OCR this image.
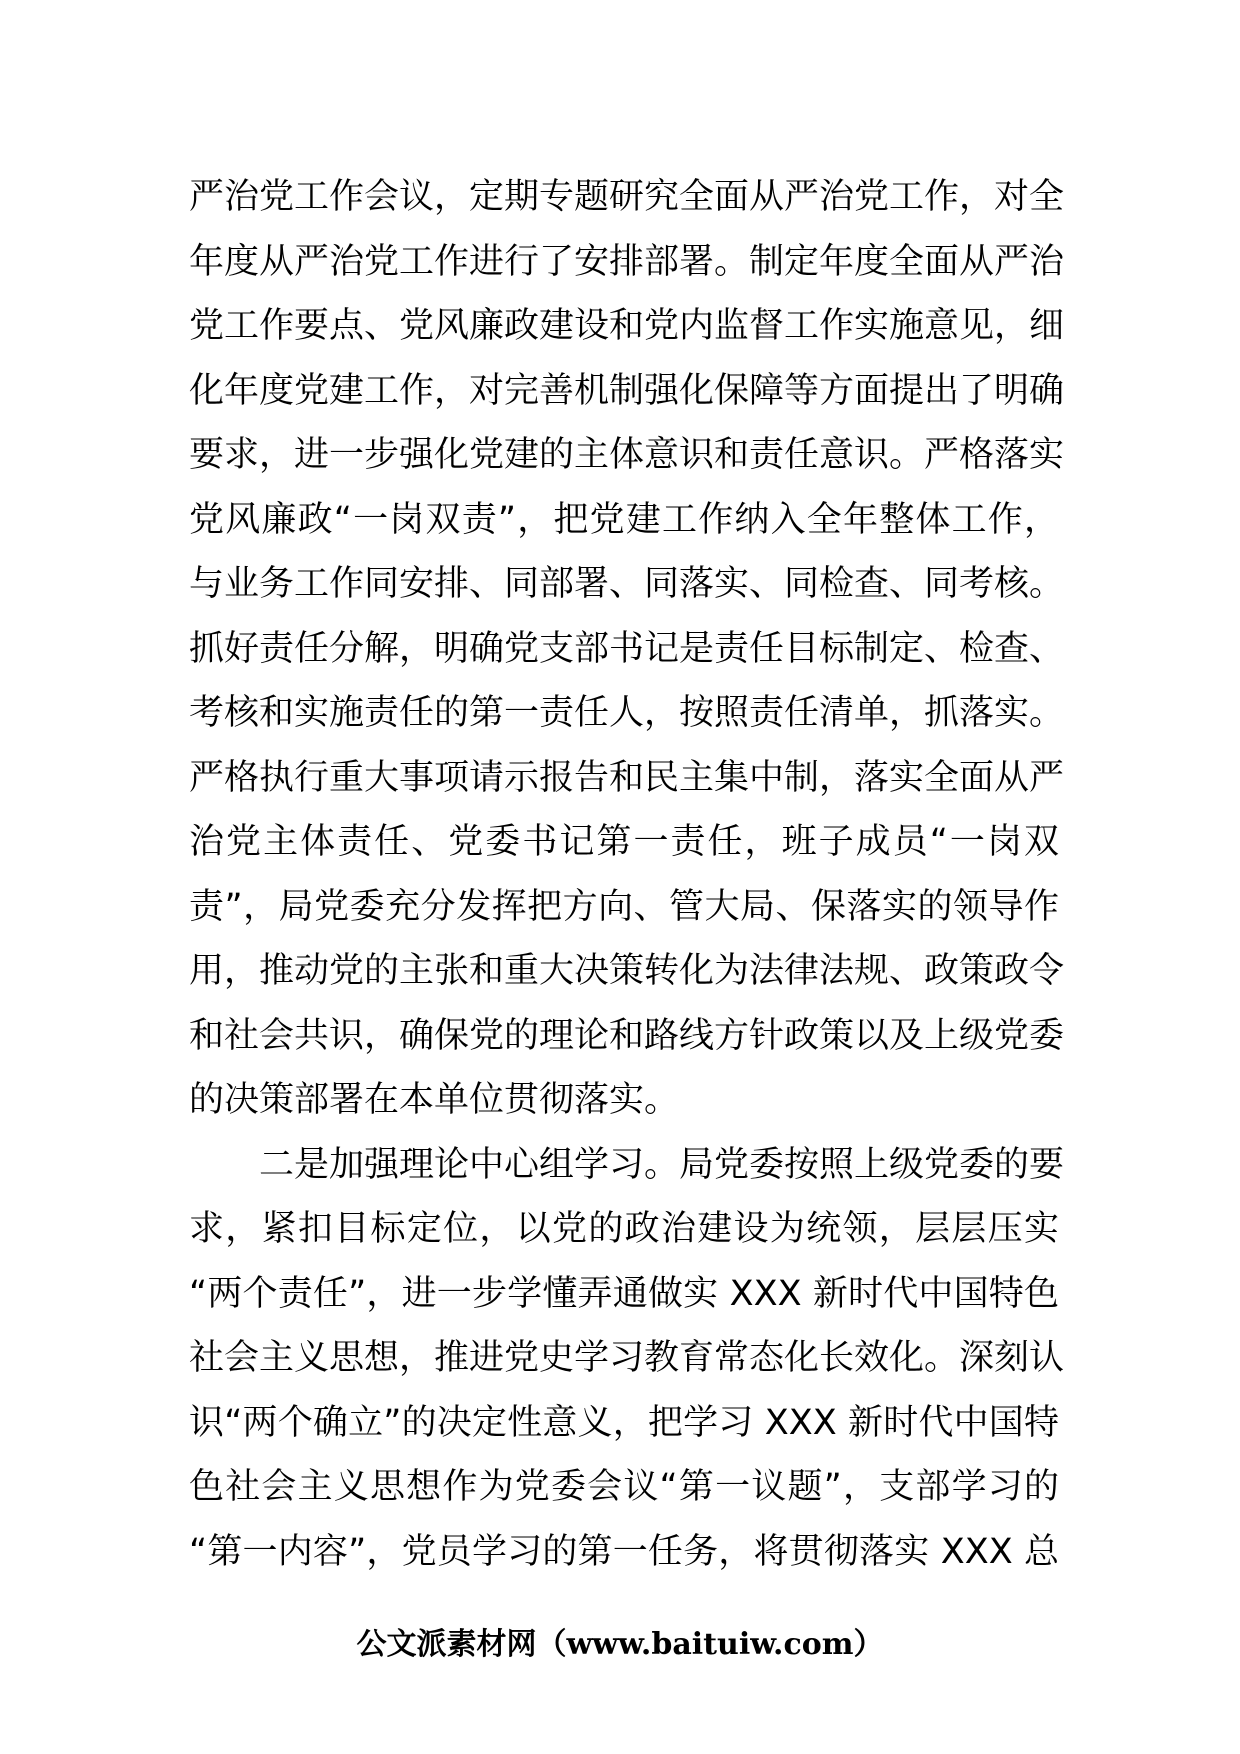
严治党工作会议，定期专题研究全面从严治党工作，对全
年度从严治党工作进行了安排部署。制定年度全面从严治
党工作要点、党风廉政建设和党内监督工作实施意见，细
化年度党建工作，对完善机制强化保障等方面提出了明确
要求，进一步强化党建的主体意识和责任意识。严格落实
党风廉政“一岗双责”，把党建工作纳入全年整体工作，
与业务工作同安排、同部署、同落实、同检查、同考核。
抓好责任分解，明确党支部书记是责任目标制定、检查、
考核和实施责任的第一责任人，按照责任清单，抓落实。
严格执行重大事项请示报告和民主集中制，落实全面从严
治党主体责任、党委书记第一责任，班子成员“一岗双
责”，局党委充分发挥把方向、管大局、保落实的领导作
用，推动党的主张和重大决策转化为法律法规、政策政令
和社会共识，确保党的理论和路线方针政策以及上级党委
的决策部署在本单位贯彻落实。
二是加强理论中心组学习。局党委按照上级党委的要
求，紧扣目标定位，以党的政治建设为统领，层层压实
“两个责任”，进一步学懂弄通做实 XXX 新时代中国特色
社会主义思想，推进党史学习教育常态化长效化。深刻认
识“两个确立”的决定性意义，把学习 XXX 新时代中国特
色社会主义思想作为党委会议“第一议题”，支部学习的
“第一内容”，党员学习的第一任务，将贯彻落实 XXX 总
公文派素材网（www.baituiw.com）
